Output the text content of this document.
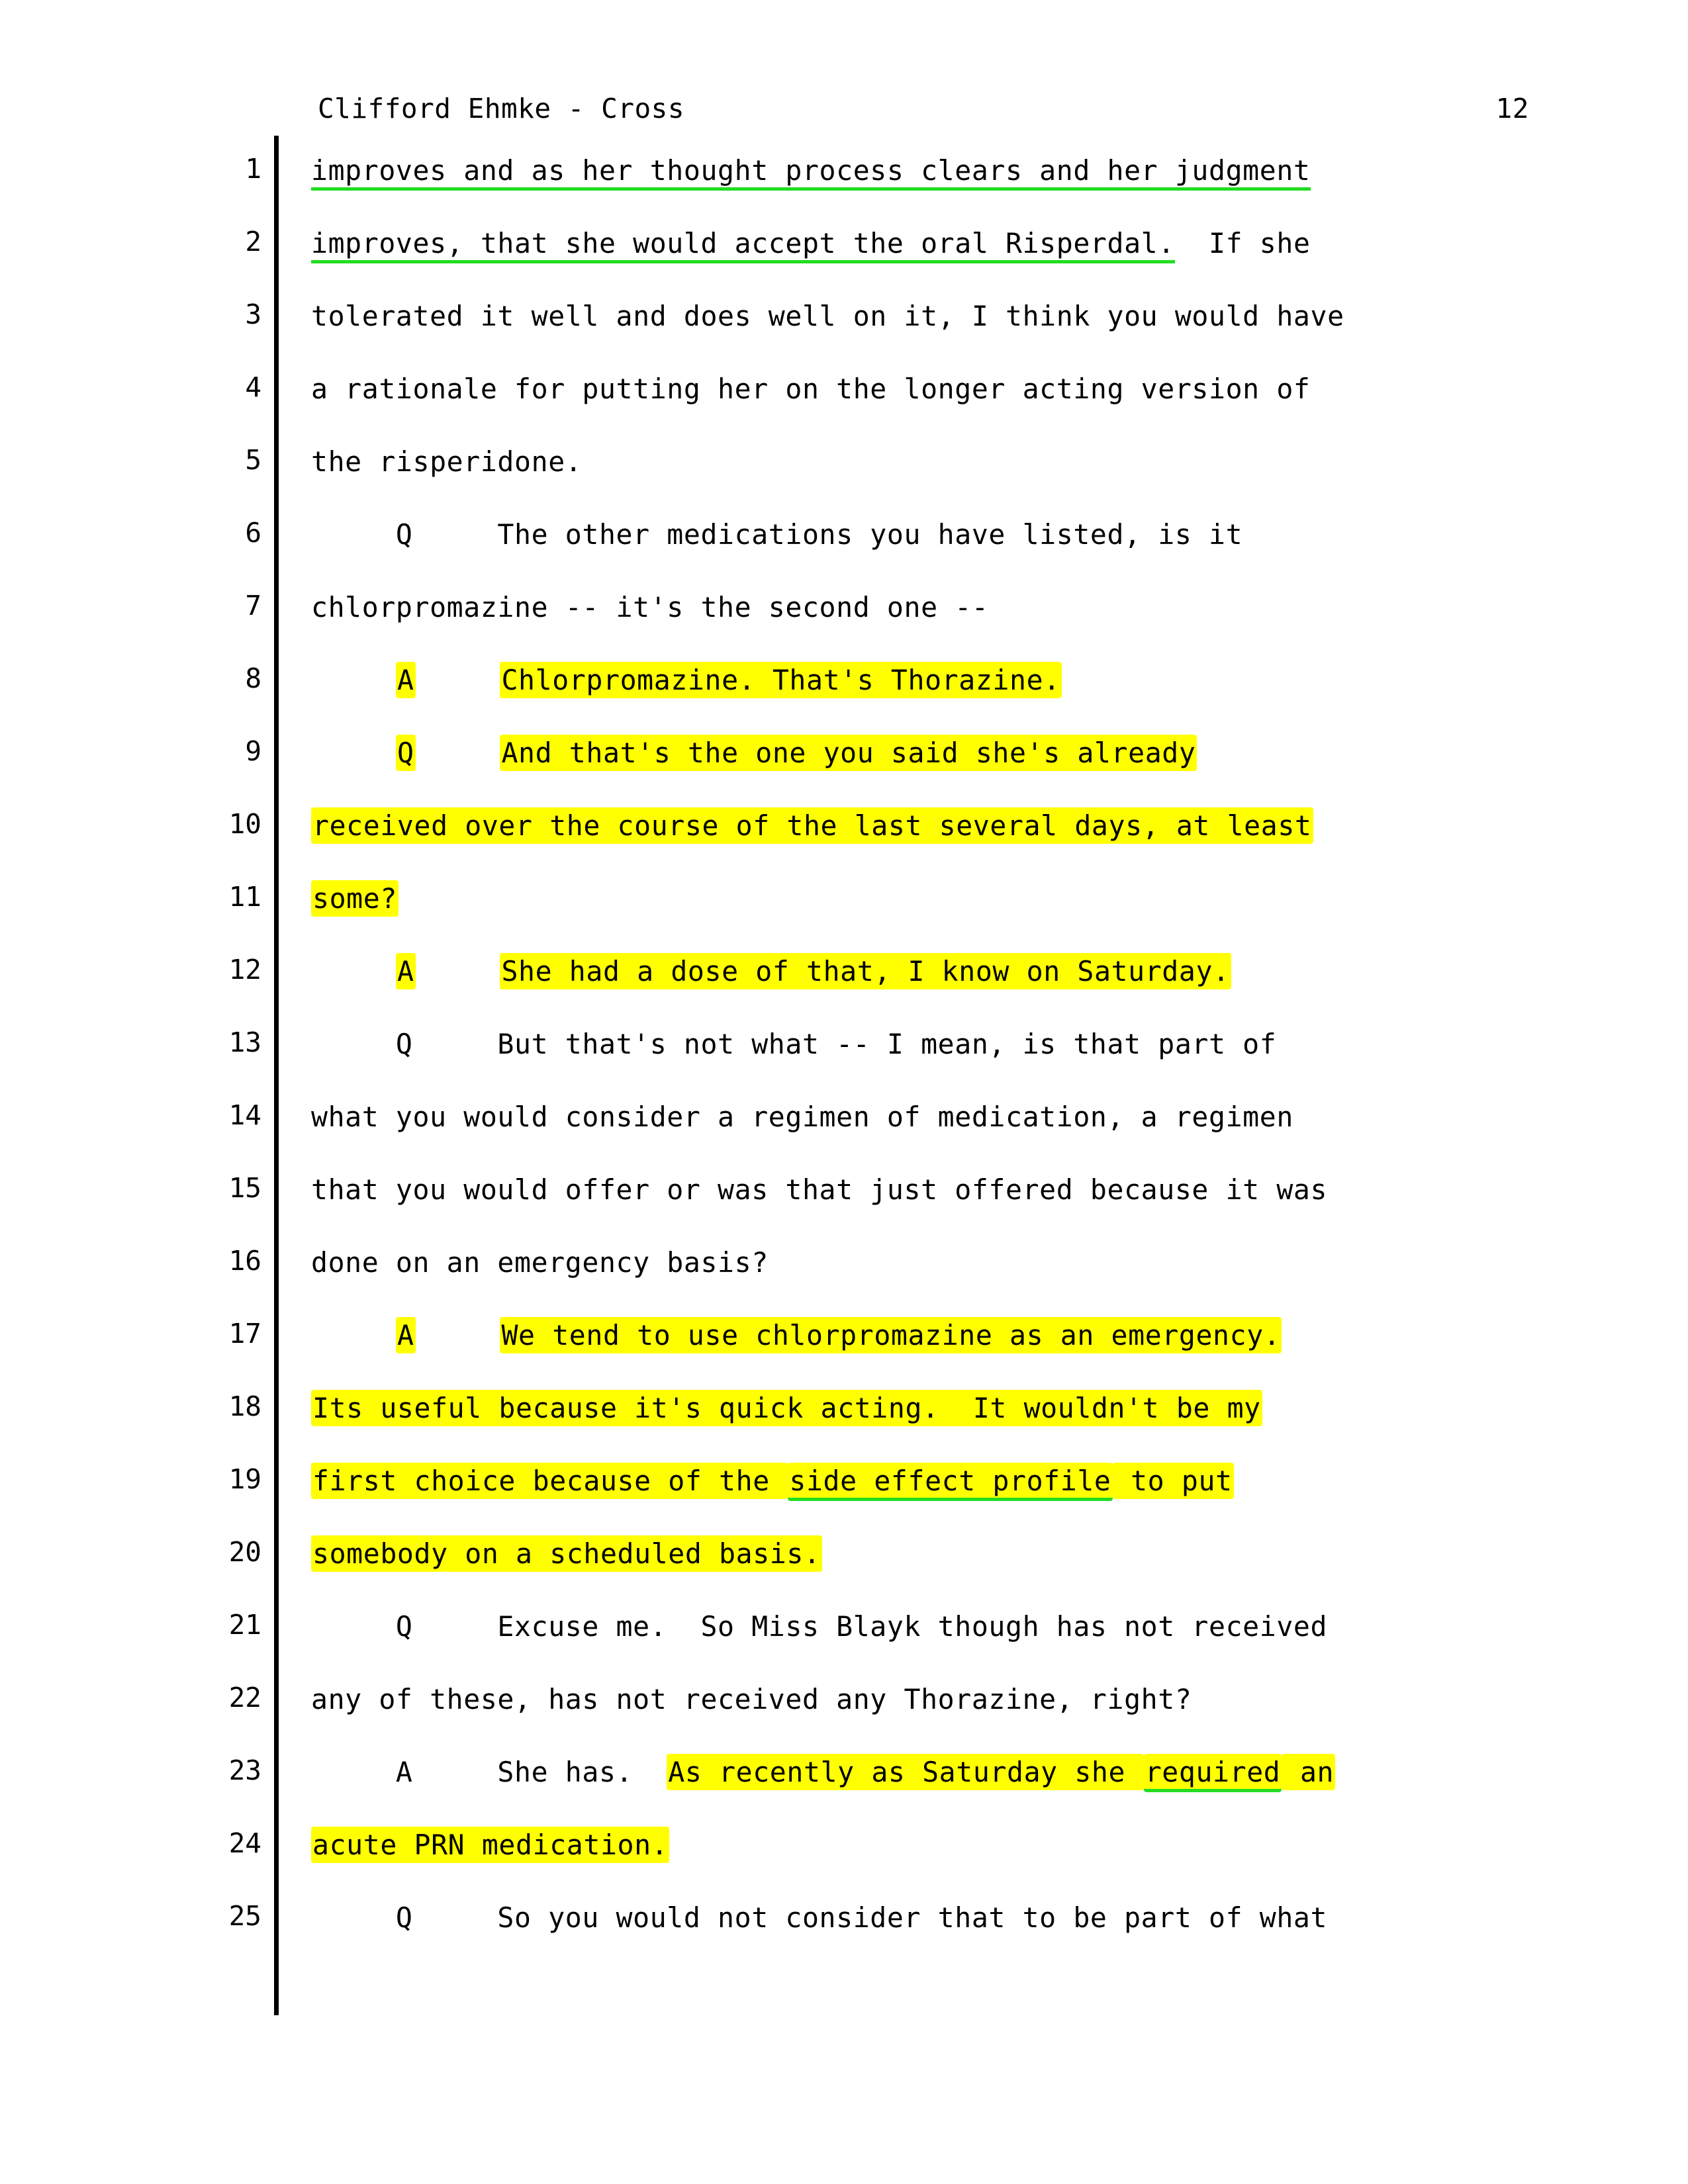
Clifford Ehmke - Cross	12
1 improves and as her thought process clears and her judgment
2 improves, that she would accept the oral Risperdal.  If she
3 tolerated it well and does well on it, I think you would have
4 a rationale for putting her on the longer acting version of
5 the risperidone.
6 Q     The other medications you have listed, is it
7 chlorpromazine -- it's the second one --
8	A	Chlorpromazine. That's Thorazine.
9	Q	And that's the one you said she's already
10 received over the course of the last several days, at least
11 some?
12	A	She had a dose of that, I know on Saturday.
13 Q     But that's not what -- I mean, is that part of
14 what you would consider a regimen of medication, a regimen
15 that you would offer or was that just offered because it was
16 done on an emergency basis?
17	A	We tend to use chlorpromazine as an emergency.
18 Its useful because it's quick acting.  It wouldn't be my
19 first choice because of the side effect profile to put
20 somebody on a scheduled basis.
21 Q     Excuse me.  So Miss Blayk though has not received
22 any of these, has not received any Thorazine, right?
23 A     She has.  As recently as Saturday she required an
24 acute PRN medication.
25 Q     So you would not consider that to be part of what
